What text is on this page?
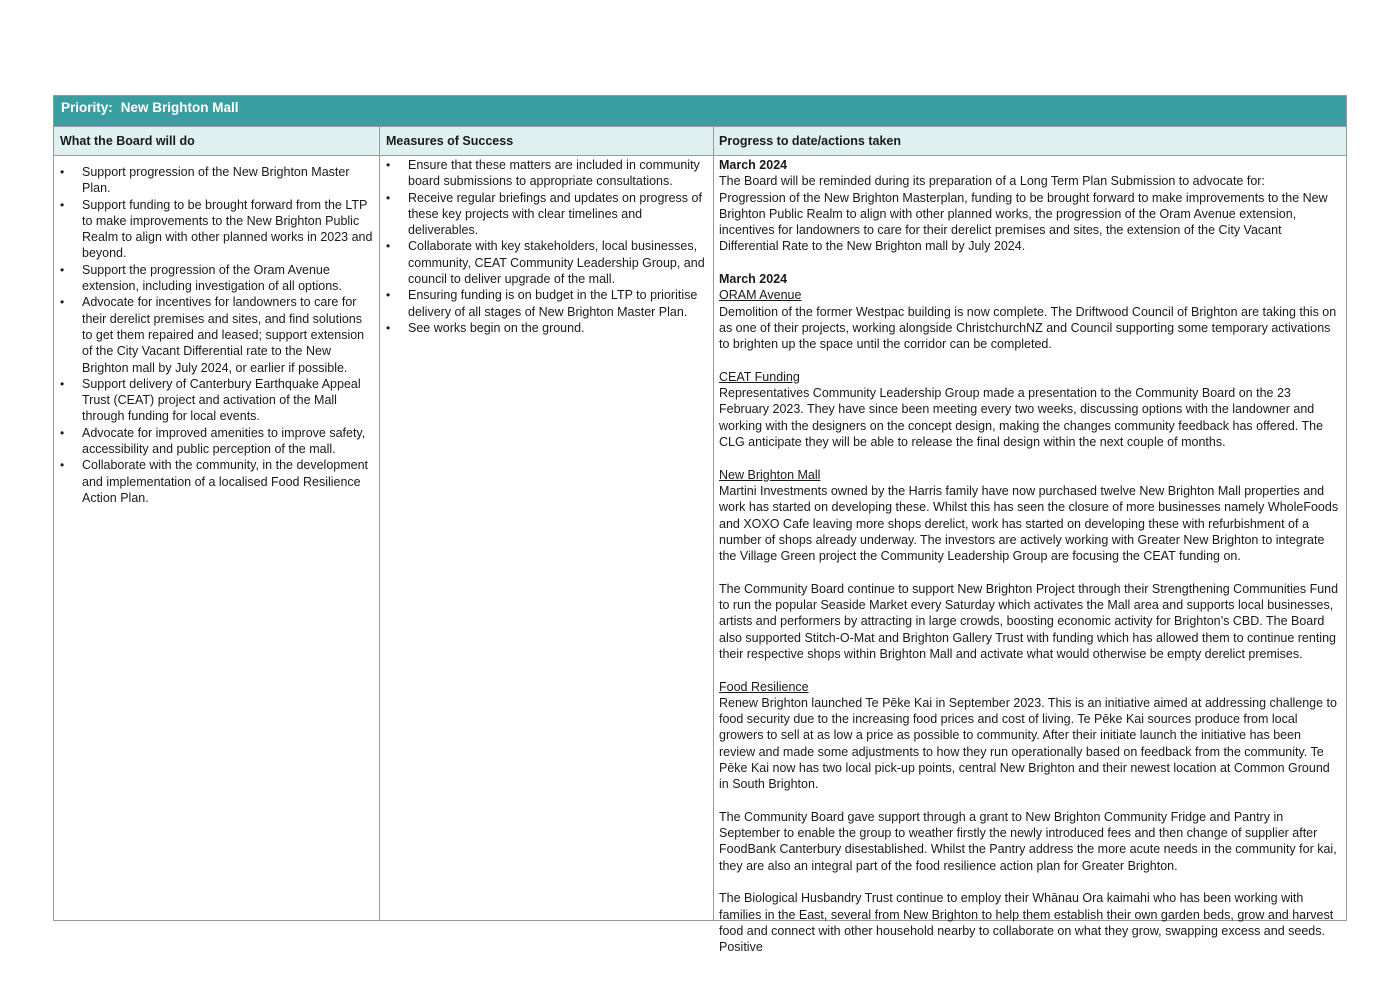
Priority: New Brighton Mall
What the Board will do	Measures of Success	Progress to date/actions taken
• Support progression of the New Brighton Master Plan.
• Support funding to be brought forward from the LTP to make improvements to the New Brighton Public Realm to align with other planned works in 2023 and beyond.
• Support the progression of the Oram Avenue extension, including investigation of all options.
• Advocate for incentives for landowners to care for their derelict premises and sites, and find solutions to get them repaired and leased; support extension of the City Vacant Differential rate to the New Brighton mall by July 2024, or earlier if possible.
• Support delivery of Canterbury Earthquake Appeal Trust (CEAT) project and activation of the Mall through funding for local events.
• Advocate for improved amenities to improve safety, accessibility and public perception of the mall.
• Collaborate with the community, in the development and implementation of a localised Food Resilience Action Plan.
• Ensure that these matters are included in community board submissions to appropriate consultations.
• Receive regular briefings and updates on progress of these key projects with clear timelines and deliverables.
• Collaborate with key stakeholders, local businesses, community, CEAT Community Leadership Group, and council to deliver upgrade of the mall.
• Ensuring funding is on budget in the LTP to prioritise delivery of all stages of New Brighton Master Plan.
• See works begin on the ground.

March 2024

The Board will be reminded during its preparation of a Long Term Plan Submission to advocate for:

Progression of the New Brighton Masterplan, funding to be brought forward to make improvements to the New Brighton Public Realm to align with other planned works, the progression of the Oram Avenue extension, incentives for landowners to care for their derelict premises and sites, the extension of the City Vacant Differential Rate to the New Brighton mall by July 2024.

March 2024

ORAM Avenue

Demolition of the former Westpac building is now complete. The Driftwood Council of Brighton are taking this on as one of their projects, working alongside ChristchurchNZ and Council supporting some temporary activations to brighten up the space until the corridor can be completed.

CEAT Funding

Representatives Community Leadership Group made a presentation to the Community Board on the 23 February 2023. They have since been meeting every two weeks, discussing options with the landowner and working with the designers on the concept design, making the changes community feedback has offered. The CLG anticipate they will be able to release the final design within the next couple of months.

New Brighton Mall

Martini Investments owned by the Harris family have now purchased twelve New Brighton Mall properties and work has started on developing these. Whilst this has seen the closure of more businesses namely WholeFoods and XOXO Cafe leaving more shops derelict, work has started on developing these with refurbishment of a number of shops already underway. The investors are actively working with Greater New Brighton to integrate the Village Green project the Community Leadership Group are focusing the CEAT funding on.

The Community Board continue to support New Brighton Project through their Strengthening Communities Fund to run the popular Seaside Market every Saturday which activates the Mall area and supports local businesses, artists and performers by attracting in large crowds, boosting economic activity for Brighton’s CBD. The Board also supported Stitch-O-Mat and Brighton Gallery Trust with funding which has allowed them to continue renting their respective shops within Brighton Mall and activate what would otherwise be empty derelict premises.

Food Resilience

Renew Brighton launched Te Pēke Kai in September 2023. This is an initiative aimed at addressing challenge to food security due to the increasing food prices and cost of living. Te Pēke Kai sources produce from local growers to sell at as low a price as possible to community. After their initiate launch the initiative has been review and made some adjustments to how they run operationally based on feedback from the community. Te Pēke Kai now has two local pick-up points, central New Brighton and their newest location at Common Ground in South Brighton.

The Community Board gave support through a grant to New Brighton Community Fridge and Pantry in September to enable the group to weather firstly the newly introduced fees and then change of supplier after FoodBank Canterbury disestablished. Whilst the Pantry address the more acute needs in the community for kai, they are also an integral part of the food resilience action plan for Greater Brighton.

The Biological Husbandry Trust continue to employ their Whānau Ora kaimahi who has been working with families in the East, several from New Brighton to help them establish their own garden beds, grow and harvest food and connect with other household nearby to collaborate on what they grow, swapping excess and seeds. Positive
